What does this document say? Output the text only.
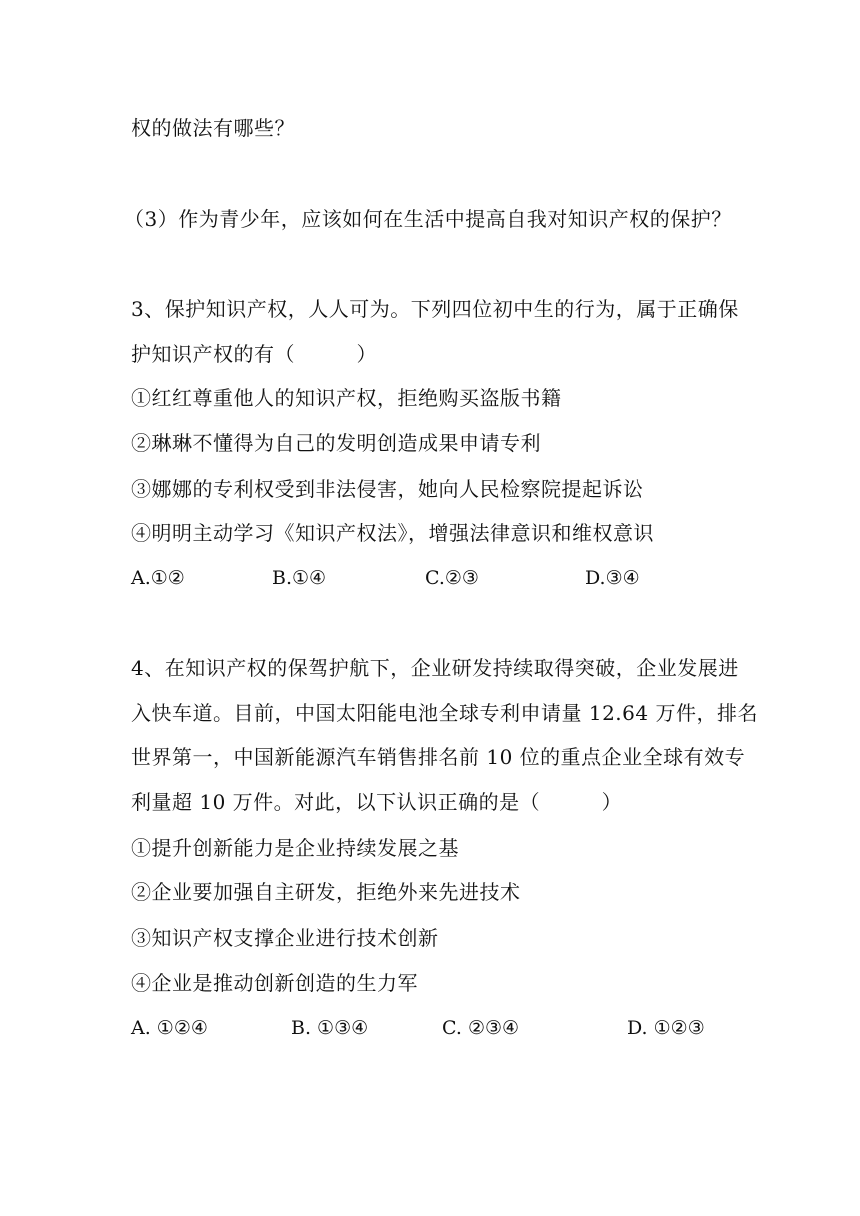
权的做法有哪些？
（3）作为青少年，应该如何在生活中提高自我对知识产权的保护？
3、保护知识产权，人人可为。下列四位初中生的行为，属于正确保
护知识产权的有（　　　）
①红红尊重他人的知识产权，拒绝购买盗版书籍
②琳琳不懂得为自己的发明创造成果申请专利
③娜娜的专利权受到非法侵害，她向人民检察院提起诉讼
④明明主动学习《知识产权法》，增强法律意识和维权意识
A.①②	B.①④	C.②③	D.③④
4、在知识产权的保驾护航下，企业研发持续取得突破，企业发展进
入快车道。目前，中国太阳能电池全球专利申请量 12.64 万件，排名
世界第一，中国新能源汽车销售排名前 10 位的重点企业全球有效专
利量超 10 万件。对此，以下认识正确的是（　　　）
①提升创新能力是企业持续发展之基
②企业要加强自主研发，拒绝外来先进技术
③知识产权支撑企业进行技术创新
④企业是推动创新创造的生力军
A. ①②④	B. ①③④	C. ②③④	D. ①②③
